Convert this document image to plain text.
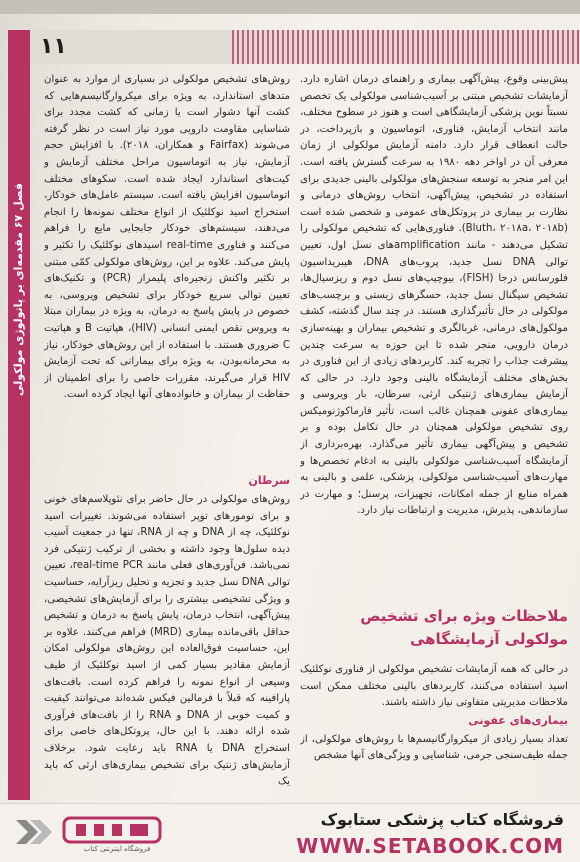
۱۱
فصل ۶۷ مقدمه‌ای بر پاتولوژی مولکولی

پیش‌بینی وقوع، پیش‌آگهی بیماری و راهنمای درمان اشاره دارد. آزمایشات تشخیص مبتنی بر آسیب‌شناسی مولکولی یک تخصص نسبتاً نوین پزشکی آزمایشگاهی است و هنوز در سطوح مختلف، مانند انتخاب آزمایش، فناوری، اتوماسیون و بازپرداخت، در حالت انعطاف قرار دارد. دامنه آزمایش مولکولی از زمان معرفی آن در اواخر دهه ۱۹۸۰ به سرعت گسترش یافته است. این امر منجر به توسعه سنجش‌های مولکولی بالینی جدیدی برای استفاده در تشخیص، پیش‌آگهی، انتخاب روش‌های درمانی و نظارت بر بیماری در پروتکل‌های عمومی و شخصی شده است (Bluth، ۲۰۱۸a، ۲۰۱۸b). فناوری‌هایی که تشخیص مولکولی را تشکیل می‌دهند - مانند amplificationهای نسل اول، تعیین توالی DNA نسل جدید، پروب‌های DNA، هیبریداسیون فلورسانس درجا (FISH)، بیوچیپ‌های نسل دوم و ریزسیال‌ها، تشخیص سیگنال نسل جدید، حسگرهای زیستی و برچسب‌های مولکولی در حال تأثیرگذاری هستند. در چند سال گذشته، کشف مولکول‌های درمانی، غربالگری و تشخیص بیماران و بهینه‌سازی درمان دارویی، منجر شده تا این حوزه به سرعت چندین پیشرفت جذاب را تجربه کند. کاربردهای زیادی از این فناوری در بخش‌های مختلف آزمایشگاه بالینی وجود دارد. در حالی که آزمایش بیماری‌های ژنتیکی ارثی، سرطان، بار ویروسی و بیماری‌های عفونی همچنان غالب است، تأثیر فارماکوژنومیکس روی تشخیص مولکولی همچنان در حال تکامل بوده و بر تشخیص و پیش‌آگهی بیماری تأثیر می‌گذارد. بهره‌برداری از آزمایشگاه آسیب‌شناسی مولکولی بالینی به ادغام تخصص‌ها و مهارت‌های آسیب‌شناسی مولکولی، پزشکی، علمی و بالینی به همراه منابع از جمله امکانات، تجهیزات، پرسنل؛ و مهارت در سازماندهی، پذیرش، مدیریت و ارتباطات نیاز دارد.

ملاحظات ویژه برای تشخیص مولکولی آزمایشگاهی

در حالی که همه آزمایشات تشخیص مولکولی از فناوری نوکلئیک اسید استفاده می‌کنند، کاربردهای بالینی مختلف ممکن است ملاحظات مدیریتی متفاوتی نیاز داشته باشند.

بیماری‌های عفونی

تعداد بسیار زیادی از میکروارگانیسم‌ها با روش‌های مولکولی، از جمله طیف‌سنجی جرمی، شناسایی و ویژگی‌های آنها مشخص

روش‌های تشخیص مولکولی در بسیاری از موارد به عنوان متدهای استاندارد، به ویژه برای میکروارگانیسم‌هایی که کشت آنها دشوار است یا زمانی که کشت مجدد برای شناسایی مقاومت دارویی مورد نیاز است در نظر گرفته می‌شوند (Fairfax و همکاران، ۲۰۱۸). با افزایش حجم آزمایش، نیاز به اتوماسیون مراحل مختلف آزمایش و کیت‌های استاندارد ایجاد شده است. سکوهای مختلف اتوماسیون افزایش یافته است. سیستم عامل‌های خودکار، استخراج اسید نوکلئیک از انواع مختلف نمونه‌ها را انجام می‌دهند، سیستم‌های خودکار جابجایی مایع را فراهم می‌کنند و فناوری real-time اسیدهای نوکلئیک را تکثیر و پایش می‌کند. علاوه بر این، روش‌های مولکولی کمّی مبتنی بر تکثیر واکنش زنجیره‌ای پلیمراز (PCR) و تکنیک‌های تعیین توالی سریع خودکار برای تشخیص ویروسی، به خصوص در پایش پاسخ به درمان، به ویژه در بیماران مبتلا به ویروس نقص ایمنی انسانی (HIV)، هپاتیت B و هپاتیت C ضروری هستند. با استفاده از این روش‌های خودکار، نیاز به محرمانه‌بودن، به ویژه برای بیمارانی که تحت آزمایش HIV قرار می‌گیرند، مقررات خاصی را برای اطمینان از حفاظت از بیماران و خانواده‌های آنها ایجاد کرده است.

سرطان

روش‌های مولکولی در حال حاضر برای نئوپلاسم‌های خونی و برای تومورهای توپر استفاده می‌شوند. تغییرات اسید نوکلئیک، چه از DNA و چه از RNA، تنها در جمعیت آسیب دیده سلول‌ها وجود داشته و بخشی از ترکیب ژنتیکی فرد نمی‌باشد. فن‌آوری‌های فعلی مانند real-time PCR، تعیین توالی DNA نسل جدید و تجزیه و تحلیل ریزآرایه، حساسیت و ویژگی تشخیصی بیشتری را برای آزمایش‌های تشخیصی، پیش‌آگهی، انتخاب درمان، پایش پاسخ به درمان و تشخیص حداقل باقی‌مانده بیماری (MRD) فراهم می‌کنند. علاوه بر این، حساسیت فوق‌العاده این روش‌های مولکولی امکان آزمایش مقادیر بسیار کمی از اسید نوکلئیک از طیف وسیعی از انواع نمونه را فراهم کرده است. بافت‌های پارافینه که قبلاً با فرمالین فیکس شده‌اند می‌توانند کیفیت و کمیت خوبی از DNA و RNA را از بافت‌های فرآوری شده ارائه دهند. با این حال، پروتکل‌های خاصی برای استخراج DNA یا RNA باید رعایت شود. برخلاف آزمایش‌های ژنتیک برای تشخیص بیماری‌های ارثی که باید یک

فروشگاه اینترنتی کتاب
فروشگاه کتاب پزشکی ستابوک
WWW.SETABOOK.COM
